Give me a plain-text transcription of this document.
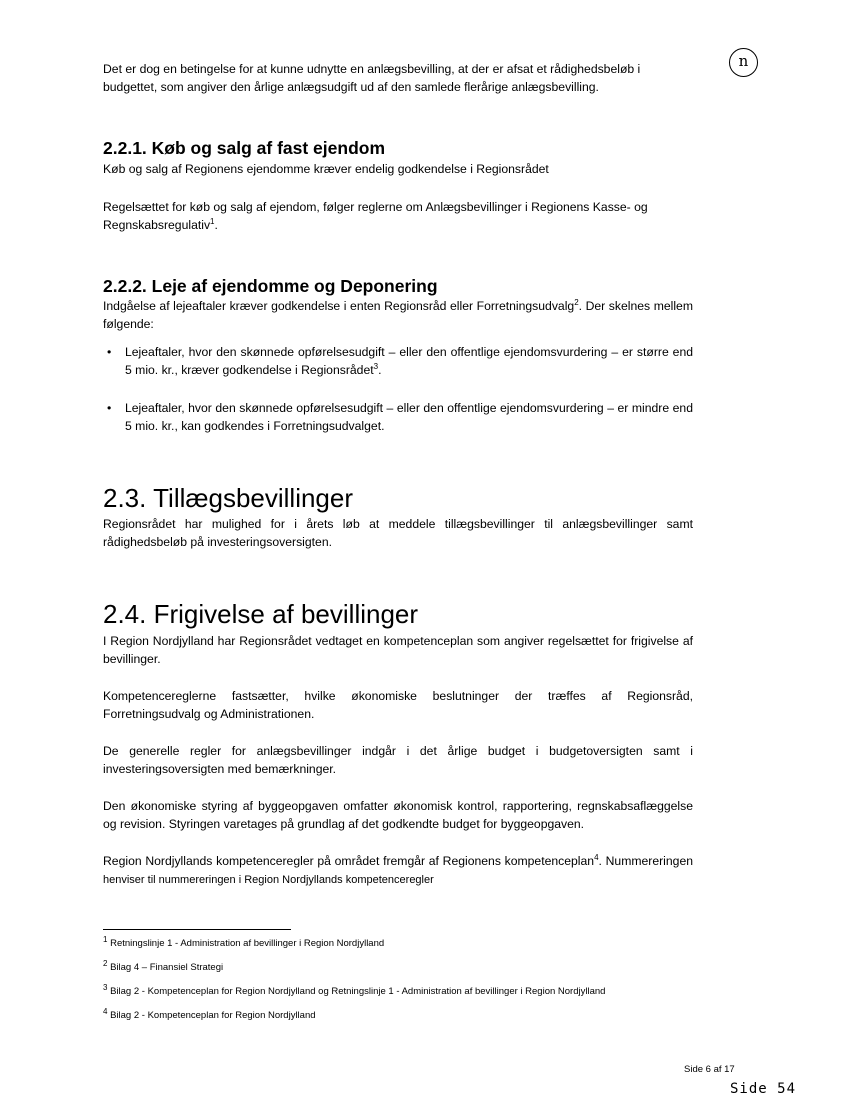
n

Det er dog en betingelse for at kunne udnytte en anlægsbevilling, at der er afsat et rådighedsbeløb i budgettet, som angiver den årlige anlægsudgift ud af den samlede flerårige anlægsbevilling.

2.2.1. Køb og salg af fast ejendom

Køb og salg af Regionens ejendomme kræver endelig godkendelse i Regionsrådet

Regelsættet for køb og salg af ejendom, følger reglerne om Anlægsbevillinger i Regionens Kasse- og Regnskabsregulativ$^1$.

2.2.2. Leje af ejendomme og Deponering

Indgåelse af lejeaftaler kræver godkendelse i enten Regionsråd eller Forretningsudvalg$^2$. Der skelnes mellem følgende:

• Lejeaftaler, hvor den skønnede opførelsesudgift – eller den offentlige ejendomsvurdering – er større end 5 mio. kr., kræver godkendelse i Regionsrådet$^3$.
• Lejeaftaler, hvor den skønnede opførelsesudgift – eller den offentlige ejendomsvurdering – er mindre end 5 mio. kr., kan godkendes i Forretningsudvalget.
2.3. Tillægsbevillinger

Regionsrådet har mulighed for i årets løb at meddele tillægsbevillinger til anlægsbevillinger samt rådighedsbeløb på investeringsoversigten.

2.4. Frigivelse af bevillinger

I Region Nordjylland har Regionsrådet vedtaget en kompetenceplan som angiver regelsættet for frigivelse af bevillinger.

Kompetencereglerne fastsætter, hvilke økonomiske beslutninger der træffes af Regionsråd, Forretningsudvalg og Administrationen.

De generelle regler for anlægsbevillinger indgår i det årlige budget i budgetoversigten samt i investeringsoversigten med bemærkninger.

Den økonomiske styring af byggeopgaven omfatter økonomisk kontrol, rapportering, regnskabsaflæggelse og revision. Styringen varetages på grundlag af det godkendte budget for byggeopgaven.

Region Nordjyllands kompetenceregler på området fremgår af Regionens kompetenceplan$^4$. Nummereringen henviser til nummereringen i Region Nordjyllands kompetenceregler

$^1$ Retningslinje 1 - Administration af bevillinger i Region Nordjylland
$^2$ Bilag 4 – Finansiel Strategi
$^3$ Bilag 2 - Kompetenceplan for Region Nordjylland og Retningslinje 1 - Administration af bevillinger i Region Nordjylland
$^4$ Bilag 2 - Kompetenceplan for Region Nordjylland
Side 6 af 17
Side 54
